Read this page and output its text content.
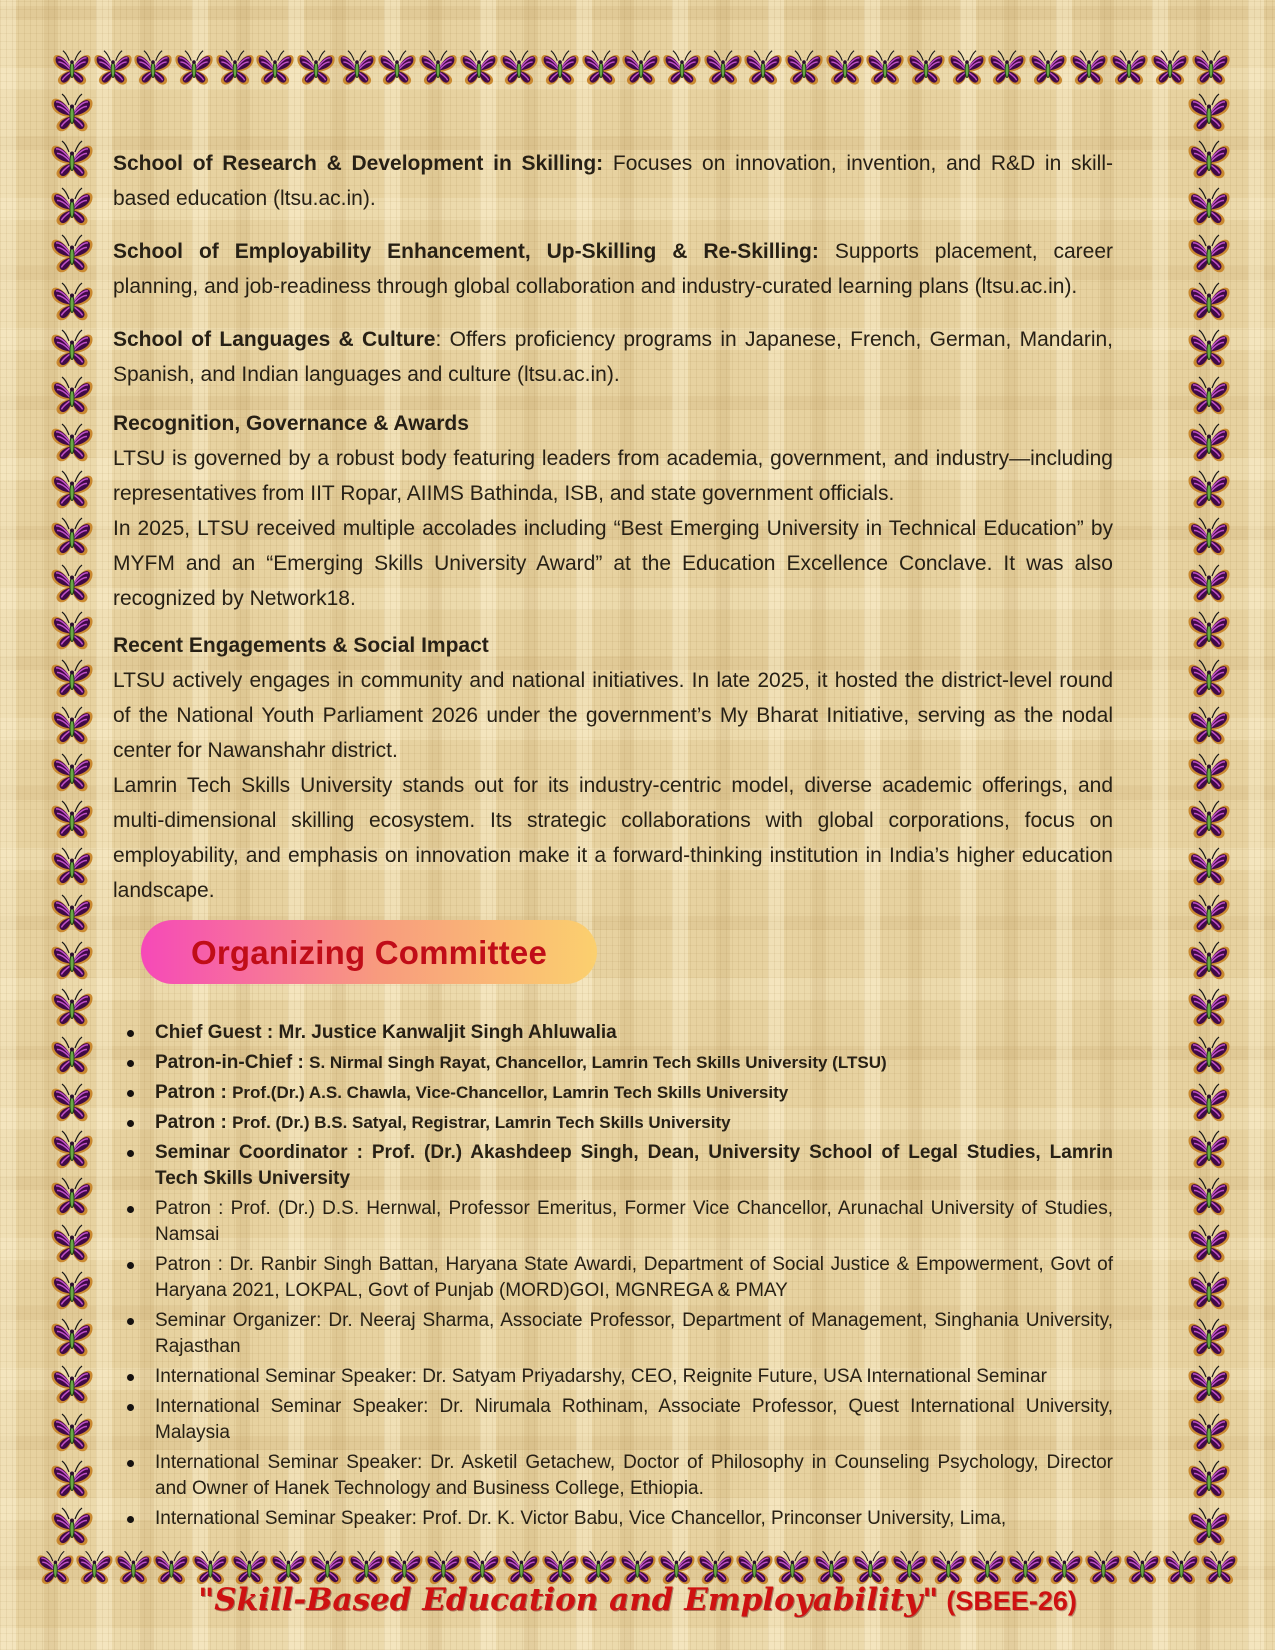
School of Research & Development in Skilling: Focuses on innovation, invention, and R&D in skill-based education (ltsu.ac.in).

School of Employability Enhancement, Up-Skilling & Re-Skilling: Supports placement, career planning, and job-readiness through global collaboration and industry-curated learning plans (ltsu.ac.in).

School of Languages & Culture: Offers proficiency programs in Japanese, French, German, Mandarin, Spanish, and Indian languages and culture (ltsu.ac.in).

Recognition, Governance & Awards

LTSU is governed by a robust body featuring leaders from academia, government, and industry—including representatives from IIT Ropar, AIIMS Bathinda, ISB, and state government officials.

In 2025, LTSU received multiple accolades including “Best Emerging University in Technical Education” by MYFM and an “Emerging Skills University Award” at the Education Excellence Conclave. It was also recognized by Network18.

Recent Engagements & Social Impact

LTSU actively engages in community and national initiatives. In late 2025, it hosted the district-level round of the National Youth Parliament 2026 under the government’s My Bharat Initiative, serving as the nodal center for Nawanshahr district.

Lamrin Tech Skills University stands out for its industry-centric model, diverse academic offerings, and multi-dimensional skilling ecosystem. Its strategic collaborations with global corporations, focus on employability, and emphasis on innovation make it a forward-thinking institution in India’s higher education landscape.

Organizing Committee
Chief Guest : Mr. Justice Kanwaljit Singh Ahluwalia
Patron-in-Chief : S. Nirmal Singh Rayat, Chancellor, Lamrin Tech Skills University (LTSU)
Patron : Prof.(Dr.) A.S. Chawla, Vice-Chancellor, Lamrin Tech Skills University
Patron : Prof. (Dr.) B.S. Satyal, Registrar, Lamrin Tech Skills University
Seminar Coordinator : Prof. (Dr.) Akashdeep Singh, Dean, University School of Legal Studies, Lamrin Tech Skills University
Patron : Prof. (Dr.) D.S. Hernwal, Professor Emeritus, Former Vice Chancellor, Arunachal University of Studies, Namsai
Patron : Dr. Ranbir Singh Battan, Haryana State Awardi, Department of Social Justice & Empowerment, Govt of Haryana 2021, LOKPAL, Govt of Punjab (MORD)GOI, MGNREGA & PMAY
Seminar Organizer: Dr. Neeraj Sharma, Associate Professor, Department of Management, Singhania University, Rajasthan
International Seminar Speaker: Dr. Satyam Priyadarshy, CEO, Reignite Future, USA International Seminar
International Seminar Speaker: Dr. Nirumala Rothinam, Associate Professor, Quest International University, Malaysia
International Seminar Speaker: Dr. Asketil Getachew, Doctor of Philosophy in Counseling Psychology, Director and Owner of Hanek Technology and Business College, Ethiopia.
International Seminar Speaker: Prof. Dr. K. Victor Babu, Vice Chancellor, Princonser University, Lima,
"Skill-Based Education and Employability" (SBEE-26)
